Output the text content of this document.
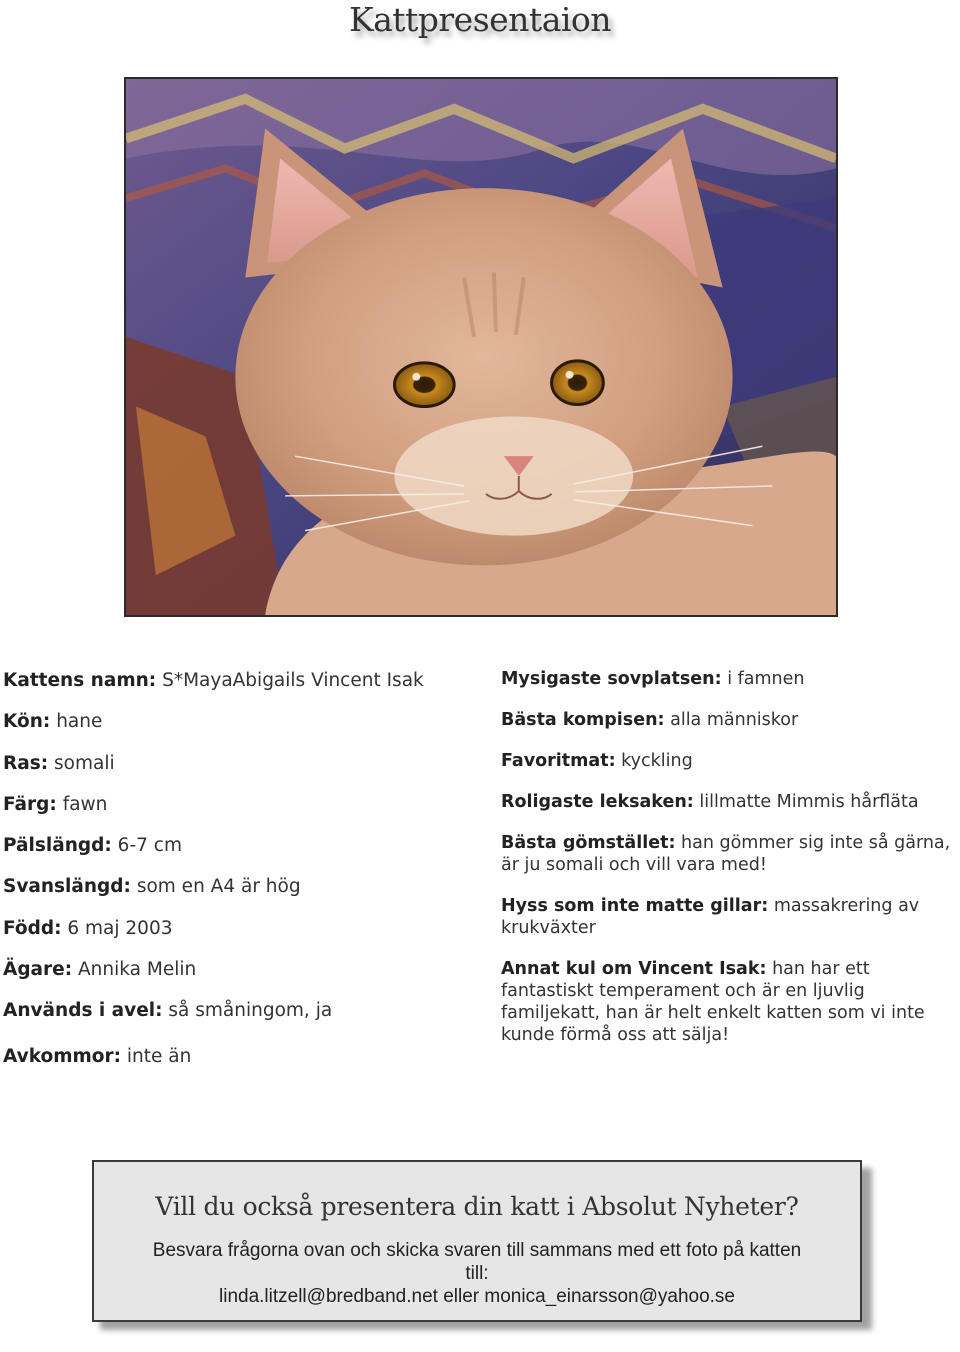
Kattpresentaion
Kattens namn: S*MayaAbigails Vincent Isak
Kön: hane
Ras: somali
Färg: fawn
Pälslängd: 6-7 cm
Svanslängd: som en A4 är hög
Född: 6 maj 2003
Ägare: Annika Melin
Används i avel: så småningom, ja
Avkommor: inte än
Mysigaste sovplatsen: i famnen
Bästa kompisen: alla människor
Favoritmat: kyckling
Roligaste leksaken: lillmatte Mimmis hårfläta
Bästa gömstället: han gömmer sig inte så gärna, är ju somali och vill vara med!
Hyss som inte matte gillar: massakrering av krukväxter
Annat kul om Vincent Isak: han har ett fantastiskt temperament och är en ljuvlig familjekatt, han är helt enkelt katten som vi inte kunde förmå oss att sälja!
Vill du också presentera din katt i Absolut Nyheter?
Besvara frågorna ovan och skicka svaren till sammans med ett foto på katten
till:
linda.litzell@bredband.net eller monica_einarsson@yahoo.se
